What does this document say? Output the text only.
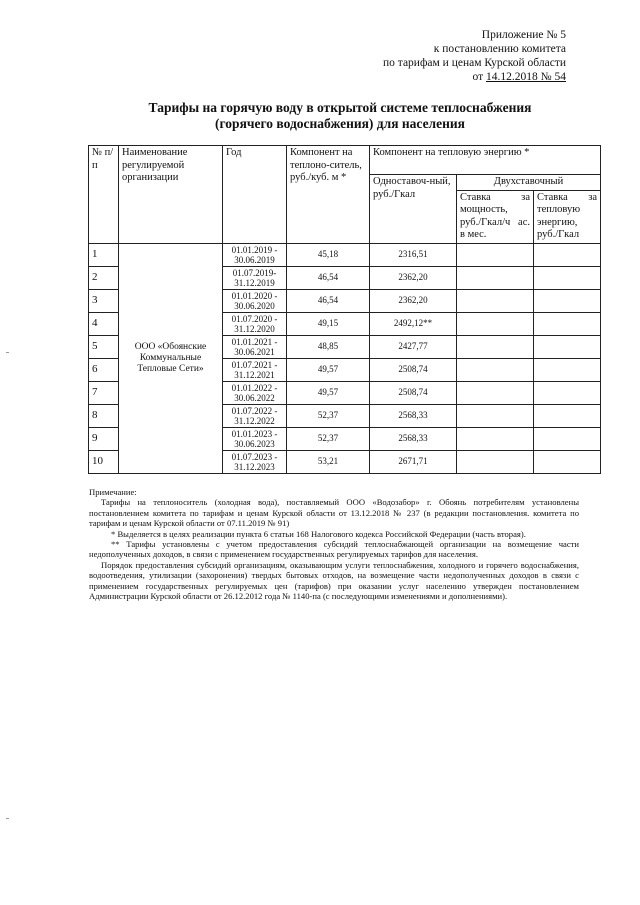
Приложение № 5
к постановлению комитета
по тарифам и ценам Курской области
от 14.12.2018 № 54
Тарифы на горячую воду в открытой системе теплоснабжения
(горячего водоснабжения) для населения
№ п/п	Наименование регулируемой организации	Год	Компонент на теплоно-ситель, руб./куб. м *	Компонент на тепловую энергию *		
				Одноставоч-ный, руб./Гкал	Двухставочный	
					Ставка за мощность, руб./Гкал/ч ас. в мес.	Ставка за тепловую энергию, руб./Гкал
1	ООО «Обоянские Коммунальные Тепловые Сети»	01.01.2019 - 30.06.2019	45,18	2316,51		
2		01.07.2019- 31.12.2019	46,54	2362,20		
3		01.01.2020 - 30.06.2020	46,54	2362,20		
4		01.07.2020 - 31.12.2020	49,15	2492,12**		
5		01.01.2021 - 30.06.2021	48,85	2427,77		
6		01.07.2021 - 31.12.2021	49,57	2508,74		
7		01.01.2022 - 30.06.2022	49,57	2508,74		
8		01.07.2022 - 31.12.2022	52,37	2568,33		
9		01.01.2023 - 30.06.2023	52,37	2568,33		
10		01.07.2023 - 31.12.2023	53,21	2671,71		

Примечание:

Тарифы на теплоноситель (холодная вода), поставляемый ООО «Водозабор» г. Обоянь потребителям установлены постановлением комитета по тарифам и ценам Курской области от 13.12.2018 № 237 (в редакции постановления. комитета по тарифам и ценам Курской области от 07.11.2019 № 91)

* Выделяется в целях реализации пункта 6 статьи 168 Налогового кодекса Российской Федерации (часть вторая).

** Тарифы установлены с учетом предоставления субсидий теплоснабжающей организации на возмещение части недополученных доходов, в связи с применением государственных регулируемых тарифов для населения.

Порядок предоставления субсидий организациям, оказывающим услуги теплоснабжения, холодного и горячего водоснабжения, водоотведения, утилизации (захоронения) твердых бытовых отходов, на возмещение части недополученных доходов в связи с применением государственных регулируемых цен (тарифов) при оказании услуг населению утвержден постановлением Администрации Курской области от 26.12.2012 года № 1140-па (с последующими изменениями и дополнениями).
